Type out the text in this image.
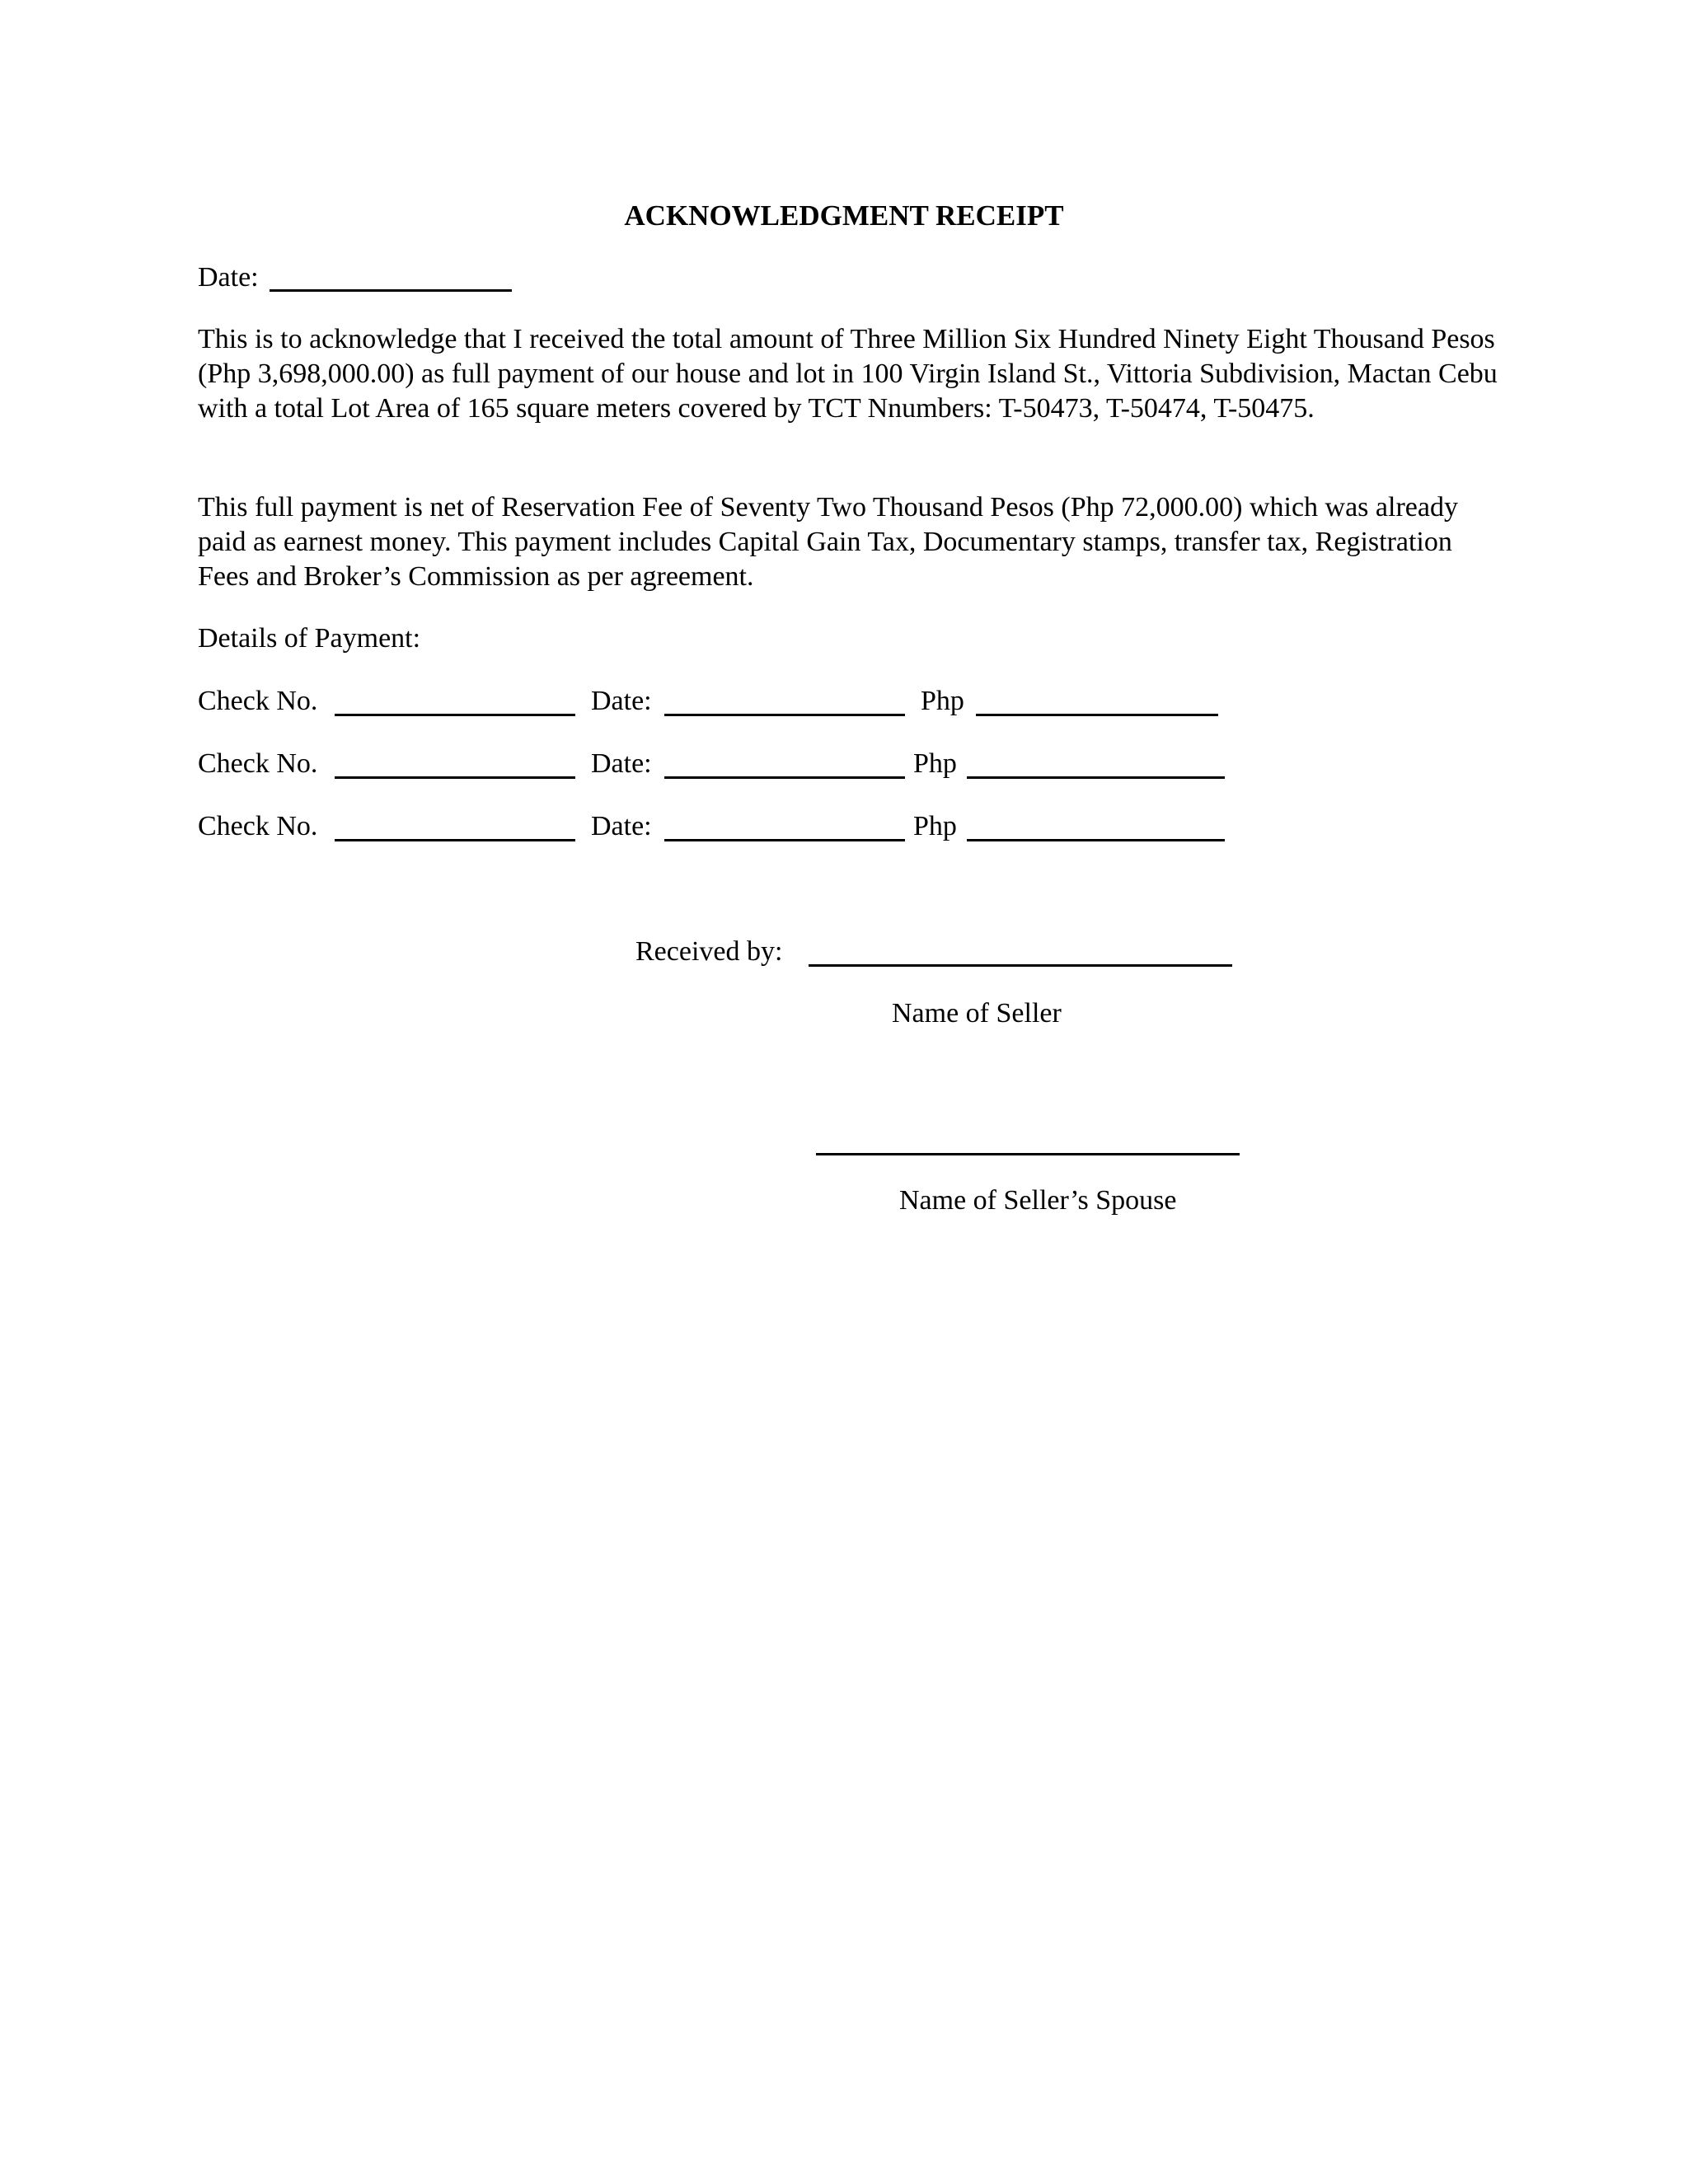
ACKNOWLEDGMENT RECEIPT
Date:
This is to acknowledge that I received the total amount of Three Million Six Hundred Ninety Eight Thousand Pesos (Php 3,698,000.00) as full payment of our house and lot in 100 Virgin Island St., Vittoria Subdivision, Mactan Cebu with a total Lot Area of 165 square meters covered by TCT Nnumbers: T-50473, T-50474, T-50475.
This full payment is net of Reservation Fee of Seventy Two Thousand Pesos (Php 72,000.00) which was already paid as earnest money. This payment includes Capital Gain Tax, Documentary stamps, transfer tax, Registration Fees and Broker’s Commission as per agreement.
Details of Payment:
Check No.	Date:	Php
Check No.	Date:	Php
Check No.	Date:	Php
Received by:
Name of Seller
Name of Seller’s Spouse
